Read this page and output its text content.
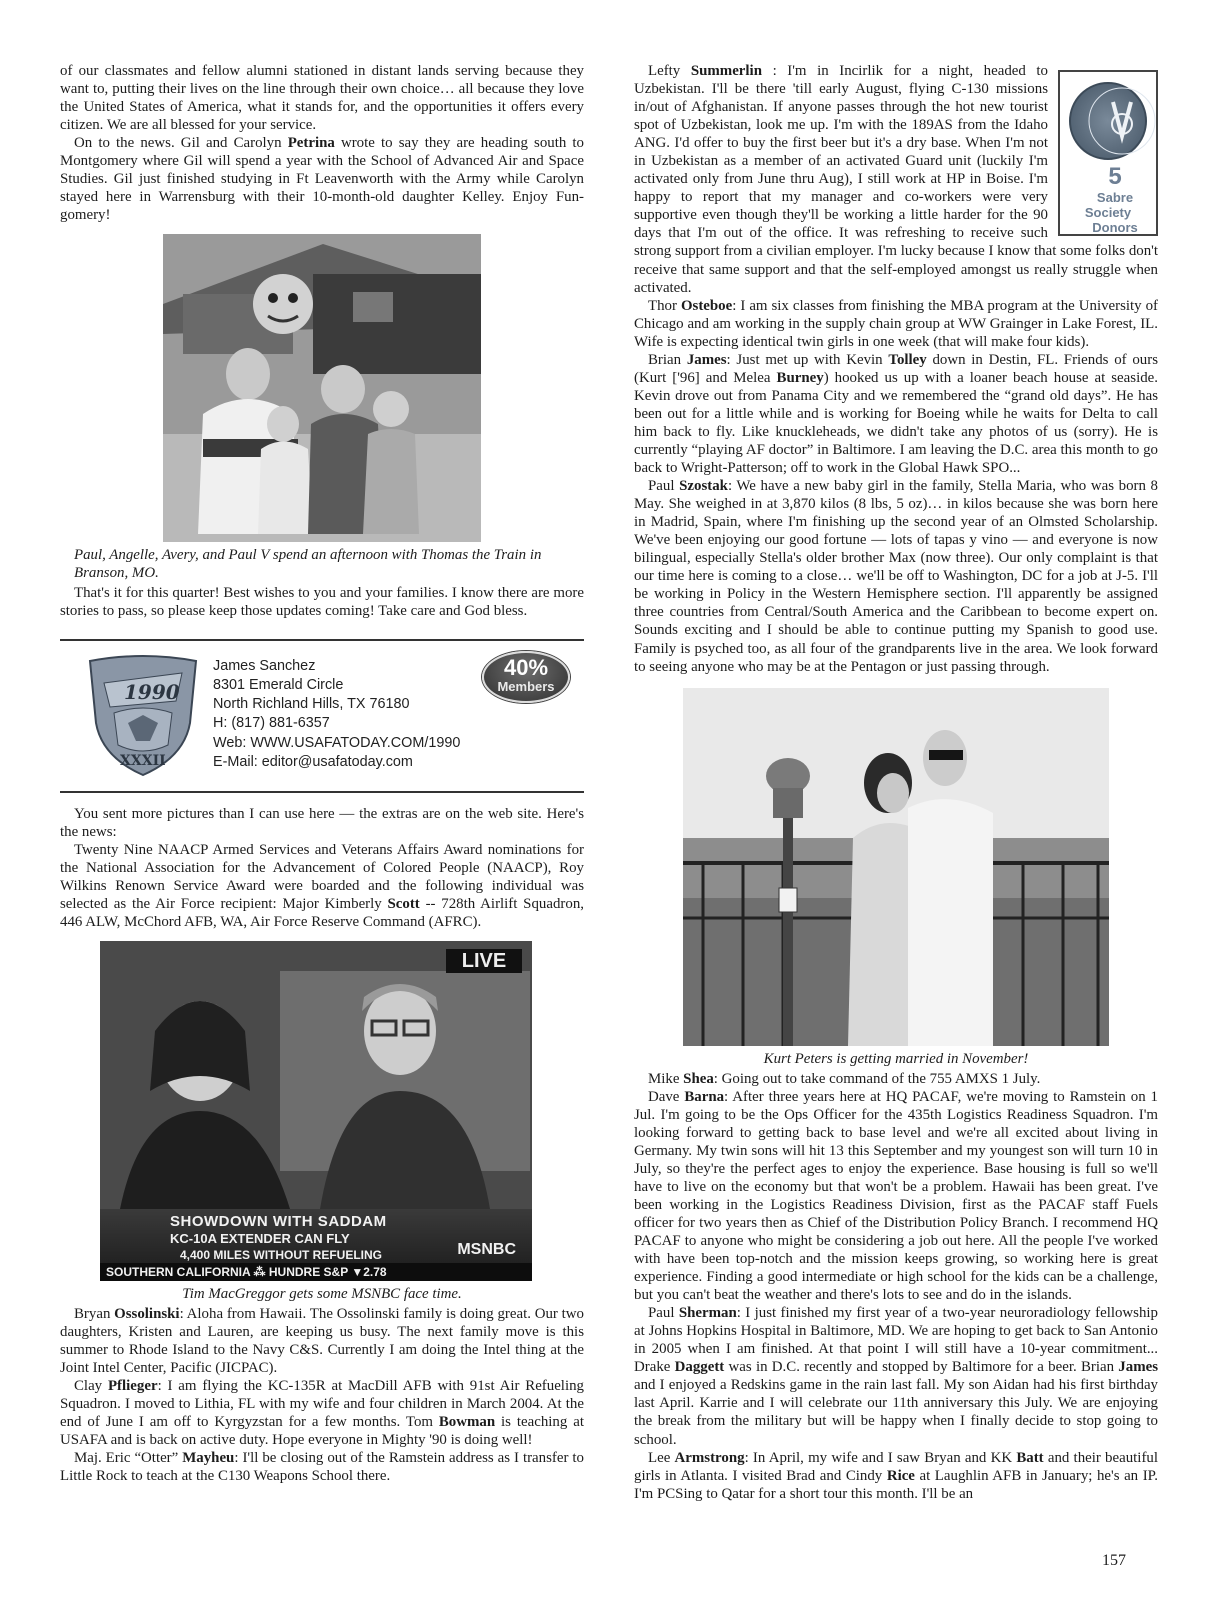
of our classmates and fellow alumni stationed in distant lands serving because they want to, putting their lives on the line through their own choice… all because they love the United States of America, what it stands for, and the opportunities it offers every citizen. We are all blessed for your service.

On to the news. Gil and Carolyn Petrina wrote to say they are heading south to Montgomery where Gil will spend a year with the School of Advanced Air and Space Studies. Gil just finished studying in Ft Leavenworth with the Army while Carolyn stayed here in Warrensburg with their 10-month-old daughter Kelley. Enjoy Fun-gomery!

Paul, Angelle, Avery, and Paul V spend an afternoon with Thomas the Train in Branson, MO.

That's it for this quarter! Best wishes to you and your families. I know there are more stories to pass, so please keep those updates coming! Take care and God bless.

1990
XXXII
James Sanchez
8301 Emerald Circle
North Richland Hills, TX 76180
H: (817) 881-6357
Web: WWW.USAFATODAY.COM/1990
E-Mail: editor@usafatoday.com
40%
Members

You sent more pictures than I can use here — the extras are on the web site. Here's the news:

Twenty Nine NAACP Armed Services and Veterans Affairs Award nominations for the National Association for the Advancement of Colored People (NAACP), Roy Wilkins Renown Service Award were boarded and the following individual was selected as the Air Force recipient: Major Kimberly Scott -- 728th Airlift Squadron, 446 ALW, McChord AFB, WA, Air Force Reserve Command (AFRC).

LIVE
SHOWDOWN WITH SADDAM
KC-10A EXTENDER CAN FLY
4,400 MILES WITHOUT REFUELING	MSNBC
SOUTHERN CALIFORNIA ⁂ HUNDRE S&P ▼2.78
Tim MacGreggor gets some MSNBC face time.

Bryan Ossolinski: Aloha from Hawaii. The Ossolinski family is doing great. Our two daughters, Kristen and Lauren, are keeping us busy. The next family move is this summer to Rhode Island to the Navy C&S. Currently I am doing the Intel thing at the Joint Intel Center, Pacific (JICPAC).

Clay Pflieger: I am flying the KC-135R at MacDill AFB with 91st Air Refueling Squadron. I moved to Lithia, FL with my wife and four children in March 2004. At the end of June I am off to Kyrgyzstan for a few months. Tom Bowman is teaching at USAFA and is back on active duty. Hope everyone in Mighty '90 is doing well!

Maj. Eric “Otter” Mayheu: I'll be closing out of the Ramstein address as I transfer to Little Rock to teach at the C130 Weapons School there.

Lefty Summerlin
5
Sabre Society
Donors
: I'm in Incirlik for a night, headed to Uzbekistan. I'll be there 'till early August, flying C-130 missions in/out of Afghanistan. If anyone passes through the hot new tourist spot of Uzbekistan, look me up. I'm with the 189AS from the Idaho ANG. I'd offer to buy the first beer but it's a dry base. When I'm not in Uzbekistan as a member of an activated Guard unit (luckily I'm activated only from June thru Aug), I still work at HP in Boise. I'm happy to report that my manager and co-workers were very supportive even though they'll be working a little harder for the 90 days that I'm out of the office. It was refreshing to receive such strong support from a civilian employer. I'm lucky because I know that some folks don't receive that same support and that the self-employed amongst us really struggle when activated.

Thor Osteboe: I am six classes from finishing the MBA program at the University of Chicago and am working in the supply chain group at WW Grainger in Lake Forest, IL. Wife is expecting identical twin girls in one week (that will make four kids).

Brian James: Just met up with Kevin Tolley down in Destin, FL. Friends of ours (Kurt ['96] and Melea Burney) hooked us up with a loaner beach house at seaside. Kevin drove out from Panama City and we remembered the “grand old days”. He has been out for a little while and is working for Boeing while he waits for Delta to call him back to fly. Like knuckleheads, we didn't take any photos of us (sorry). He is currently “playing AF doctor” in Baltimore. I am leaving the D.C. area this month to go back to Wright-Patterson; off to work in the Global Hawk SPO...

Paul Szostak: We have a new baby girl in the family, Stella Maria, who was born 8 May. She weighed in at 3,870 kilos (8 lbs, 5 oz)… in kilos because she was born here in Madrid, Spain, where I'm finishing up the second year of an Olmsted Scholarship. We've been enjoying our good fortune — lots of tapas y vino — and everyone is now bilingual, especially Stella's older brother Max (now three). Our only complaint is that our time here is coming to a close… we'll be off to Washington, DC for a job at J-5. I'll be working in Policy in the Western Hemisphere section. I'll apparently be assigned three countries from Central/South America and the Caribbean to become expert on. Sounds exciting and I should be able to continue putting my Spanish to good use. Family is psyched too, as all four of the grandparents live in the area. We look forward to seeing anyone who may be at the Pentagon or just passing through.

Kurt Peters is getting married in November!

Mike Shea: Going out to take command of the 755 AMXS 1 July.

Dave Barna: After three years here at HQ PACAF, we're moving to Ramstein on 1 Jul. I'm going to be the Ops Officer for the 435th Logistics Readiness Squadron. I'm looking forward to getting back to base level and we're all excited about living in Germany. My twin sons will hit 13 this September and my youngest son will turn 10 in July, so they're the perfect ages to enjoy the experience. Base housing is full so we'll have to live on the economy but that won't be a problem. Hawaii has been great. I've been working in the Logistics Readiness Division, first as the PACAF staff Fuels officer for two years then as Chief of the Distribution Policy Branch. I recommend HQ PACAF to anyone who might be considering a job out here. All the people I've worked with have been top-notch and the mission keeps growing, so working here is great experience. Finding a good intermediate or high school for the kids can be a challenge, but you can't beat the weather and there's lots to see and do in the islands.

Paul Sherman: I just finished my first year of a two-year neuroradiology fellowship at Johns Hopkins Hospital in Baltimore, MD. We are hoping to get back to San Antonio in 2005 when I am finished. At that point I will still have a 10-year commitment... Drake Daggett was in D.C. recently and stopped by Baltimore for a beer. Brian James and I enjoyed a Redskins game in the rain last fall. My son Aidan had his first birthday last April. Karrie and I will celebrate our 11th anniversary this July. We are enjoying the break from the military but will be happy when I finally decide to stop going to school.

Lee Armstrong: In April, my wife and I saw Bryan and KK Batt and their beautiful girls in Atlanta. I visited Brad and Cindy Rice at Laughlin AFB in January; he's an IP. I'm PCSing to Qatar for a short tour this month. I'll be an

157
